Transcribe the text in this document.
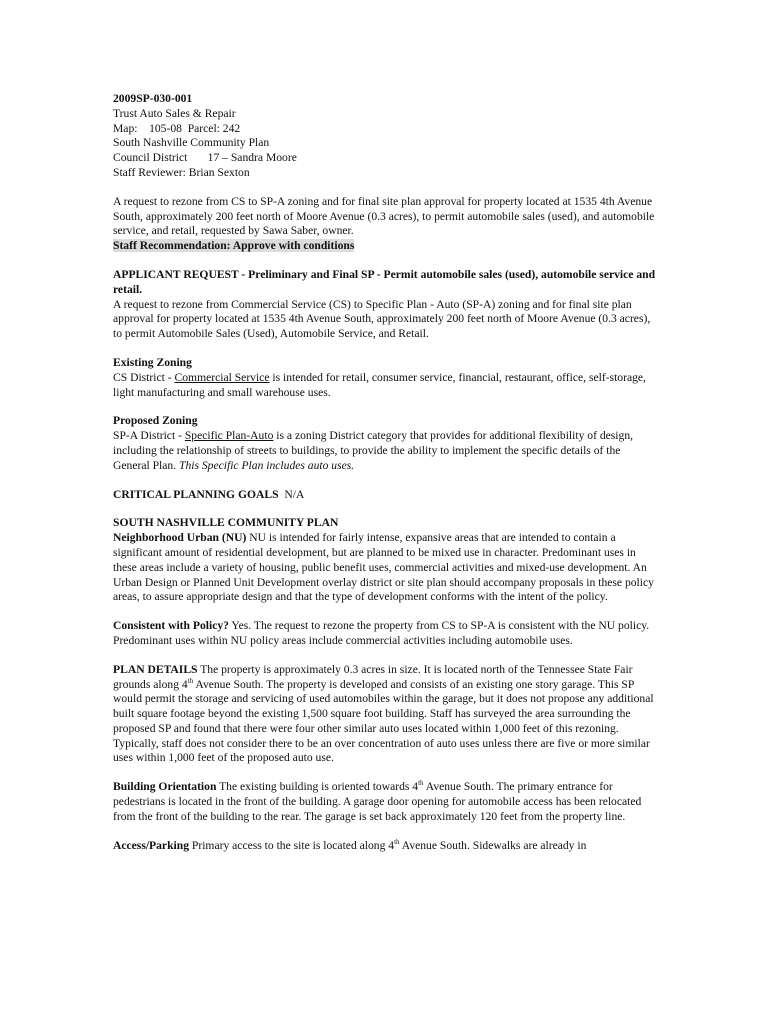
2009SP-030-001
Trust Auto Sales & Repair
Map:    105-08  Parcel: 242
South Nashville Community Plan
Council District       17 – Sandra Moore
Staff Reviewer: Brian Sexton
A request to rezone from CS to SP-A zoning and for final site plan approval for property located at 1535 4th Avenue South, approximately 200 feet north of Moore Avenue (0.3 acres), to permit automobile sales (used), and automobile service, and retail, requested by Sawa Saber, owner.
Staff Recommendation: Approve with conditions
APPLICANT REQUEST - Preliminary and Final SP - Permit automobile sales (used), automobile service and retail.
A request to rezone from Commercial Service (CS) to Specific Plan - Auto (SP-A) zoning and for final site plan approval for property located at 1535 4th Avenue South, approximately 200 feet north of Moore Avenue (0.3 acres), to permit Automobile Sales (Used), Automobile Service, and Retail.
Existing Zoning
CS District - Commercial Service is intended for retail, consumer service, financial, restaurant, office, self-storage, light manufacturing and small warehouse uses.
Proposed Zoning
SP-A District - Specific Plan-Auto is a zoning District category that provides for additional flexibility of design, including the relationship of streets to buildings, to provide the ability to implement the specific details of the General Plan. This Specific Plan includes auto uses.
CRITICAL PLANNING GOALS  N/A
SOUTH NASHVILLE COMMUNITY PLAN
Neighborhood Urban (NU) NU is intended for fairly intense, expansive areas that are intended to contain a significant amount of residential development, but are planned to be mixed use in character. Predominant uses in these areas include a variety of housing, public benefit uses, commercial activities and mixed-use development. An Urban Design or Planned Unit Development overlay district or site plan should accompany proposals in these policy areas, to assure appropriate design and that the type of development conforms with the intent of the policy.
Consistent with Policy? Yes. The request to rezone the property from CS to SP-A is consistent with the NU policy. Predominant uses within NU policy areas include commercial activities including automobile uses.
PLAN DETAILS The property is approximately 0.3 acres in size. It is located north of the Tennessee State Fair grounds along 4th Avenue South. The property is developed and consists of an existing one story garage. This SP would permit the storage and servicing of used automobiles within the garage, but it does not propose any additional built square footage beyond the existing 1,500 square foot building. Staff has surveyed the area surrounding the proposed SP and found that there were four other similar auto uses located within 1,000 feet of this rezoning. Typically, staff does not consider there to be an over concentration of auto uses unless there are five or more similar uses within 1,000 feet of the proposed auto use.
Building Orientation The existing building is oriented towards 4th Avenue South. The primary entrance for pedestrians is located in the front of the building. A garage door opening for automobile access has been relocated from the front of the building to the rear. The garage is set back approximately 120 feet from the property line.
Access/Parking Primary access to the site is located along 4th Avenue South. Sidewalks are already in
